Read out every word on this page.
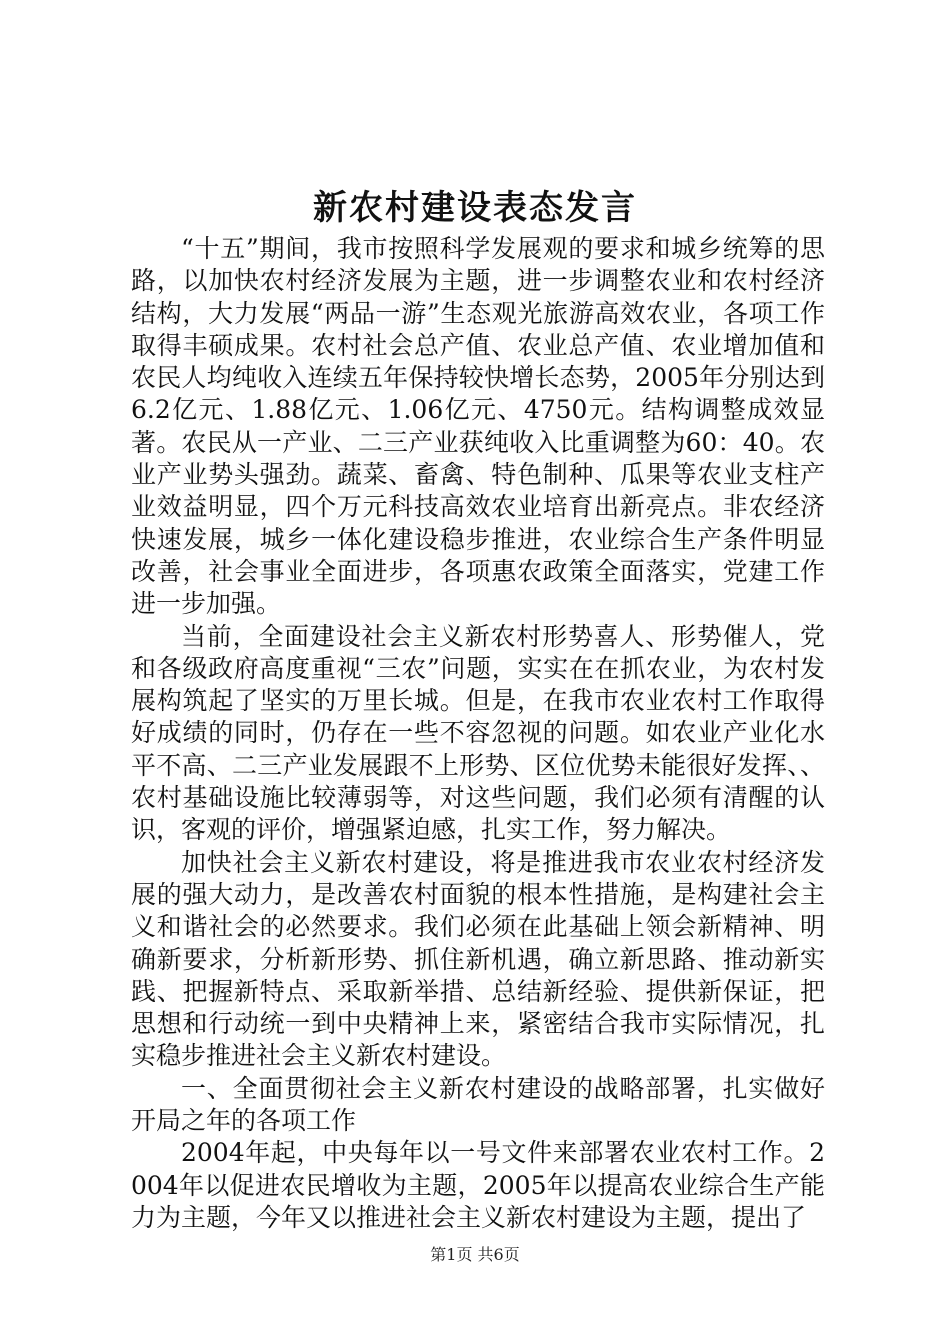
新农村建设表态发言

“十五”期间，我市按照科学发展观的要求和城乡统筹的思路，以加快农村经济发展为主题，进一步调整农业和农村经济结构，大力发展“两品一游”生态观光旅游高效农业，各项工作取得丰硕成果。农村社会总产值、农业总产值、农业增加值和农民人均纯收入连续五年保持较快增长态势，2005年分别达到6.2亿元、1.88亿元、1.06亿元、4750元。结构调整成效显著。农民从一产业、二三产业获纯收入比重调整为60：40。农业产业势头强劲。蔬菜、畜禽、特色制种、瓜果等农业支柱产业效益明显，四个万元科技高效农业培育出新亮点。非农经济快速发展，城乡一体化建设稳步推进，农业综合生产条件明显改善，社会事业全面进步，各项惠农政策全面落实，党建工作进一步加强。

当前，全面建设社会主义新农村形势喜人、形势催人，党和各级政府高度重视“三农”问题，实实在在抓农业，为农村发展构筑起了坚实的万里长城。但是，在我市农业农村工作取得好成绩的同时，仍存在一些不容忽视的问题。如农业产业化水平不高、二三产业发展跟不上形势、区位优势未能很好发挥、、农村基础设施比较薄弱等，对这些问题，我们必须有清醒的认识，客观的评价，增强紧迫感，扎实工作，努力解决。

加快社会主义新农村建设，将是推进我市农业农村经济发展的强大动力，是改善农村面貌的根本性措施，是构建社会主义和谐社会的必然要求。我们必须在此基础上领会新精神、明确新要求，分析新形势、抓住新机遇，确立新思路、推动新实践、把握新特点、采取新举措、总结新经验、提供新保证，把思想和行动统一到中央精神上来，紧密结合我市实际情况，扎实稳步推进社会主义新农村建设。

一、全面贯彻社会主义新农村建设的战略部署，扎实做好开局之年的各项工作

2004年起，中央每年以一号文件来部署农业农村工作。2004年以促进农民增收为主题，2005年以提高农业综合生产能力为主题，今年又以推进社会主义新农村建设为主题，提出了

第1页 共6页
